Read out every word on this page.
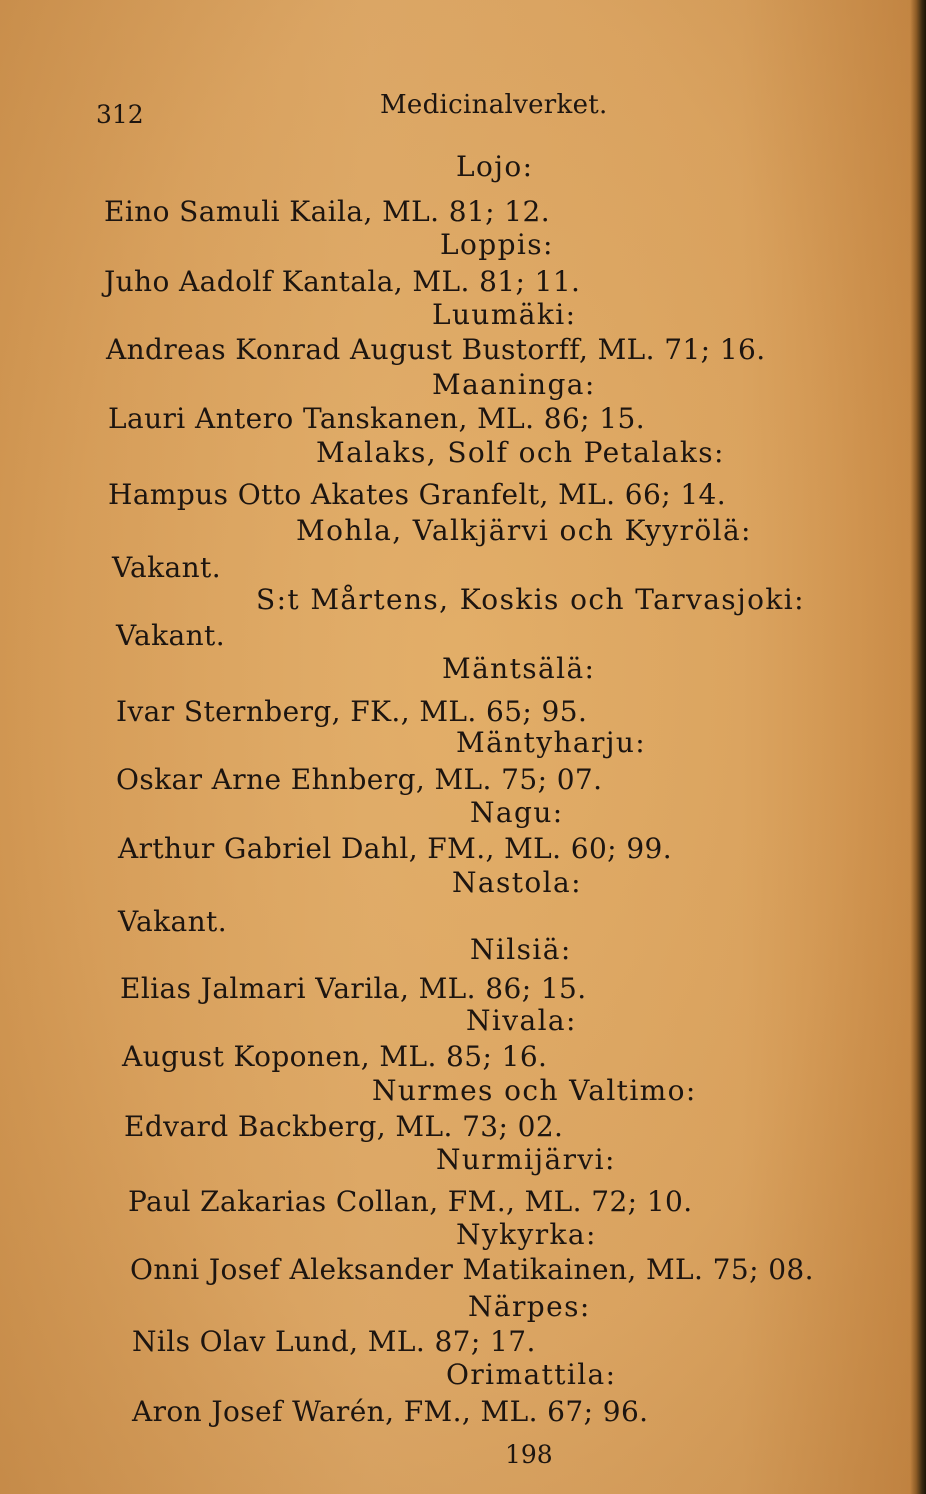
312	Medicinalverket.
Lojo:
Eino Samuli Kaila, ML. 81; 12.
Loppis:
Juho Aadolf Kantala, ML. 81; 11.
Luumäki:
Andreas Konrad August Bustorff, ML. 71; 16.
Maaninga:
Lauri Antero Tanskanen, ML. 86; 15.
Malaks, Solf och Petalaks:
Hampus Otto Akates Granfelt, ML. 66; 14.
Mohla, Valkjärvi och Kyyrölä:
Vakant.
S:t Mårtens, Koskis och Tarvasjoki:
Vakant.
Mäntsälä:
Ivar Sternberg, FK., ML. 65; 95.
Mäntyharju:
Oskar Arne Ehnberg, ML. 75; 07.
Nagu:
Arthur Gabriel Dahl, FM., ML. 60; 99.
Nastola:
Vakant.
Nilsiä:
Elias Jalmari Varila, ML. 86; 15.
Nivala:
August Koponen, ML. 85; 16.
Nurmes och Valtimo:
Edvard Backberg, ML. 73; 02.
Nurmijärvi:
Paul Zakarias Collan, FM., ML. 72; 10.
Nykyrka:
Onni Josef Aleksander Matikainen, ML. 75; 08.
Närpes:
Nils Olav Lund, ML. 87; 17.
Orimattila:
Aron Josef Warén, FM., ML. 67; 96.
198
